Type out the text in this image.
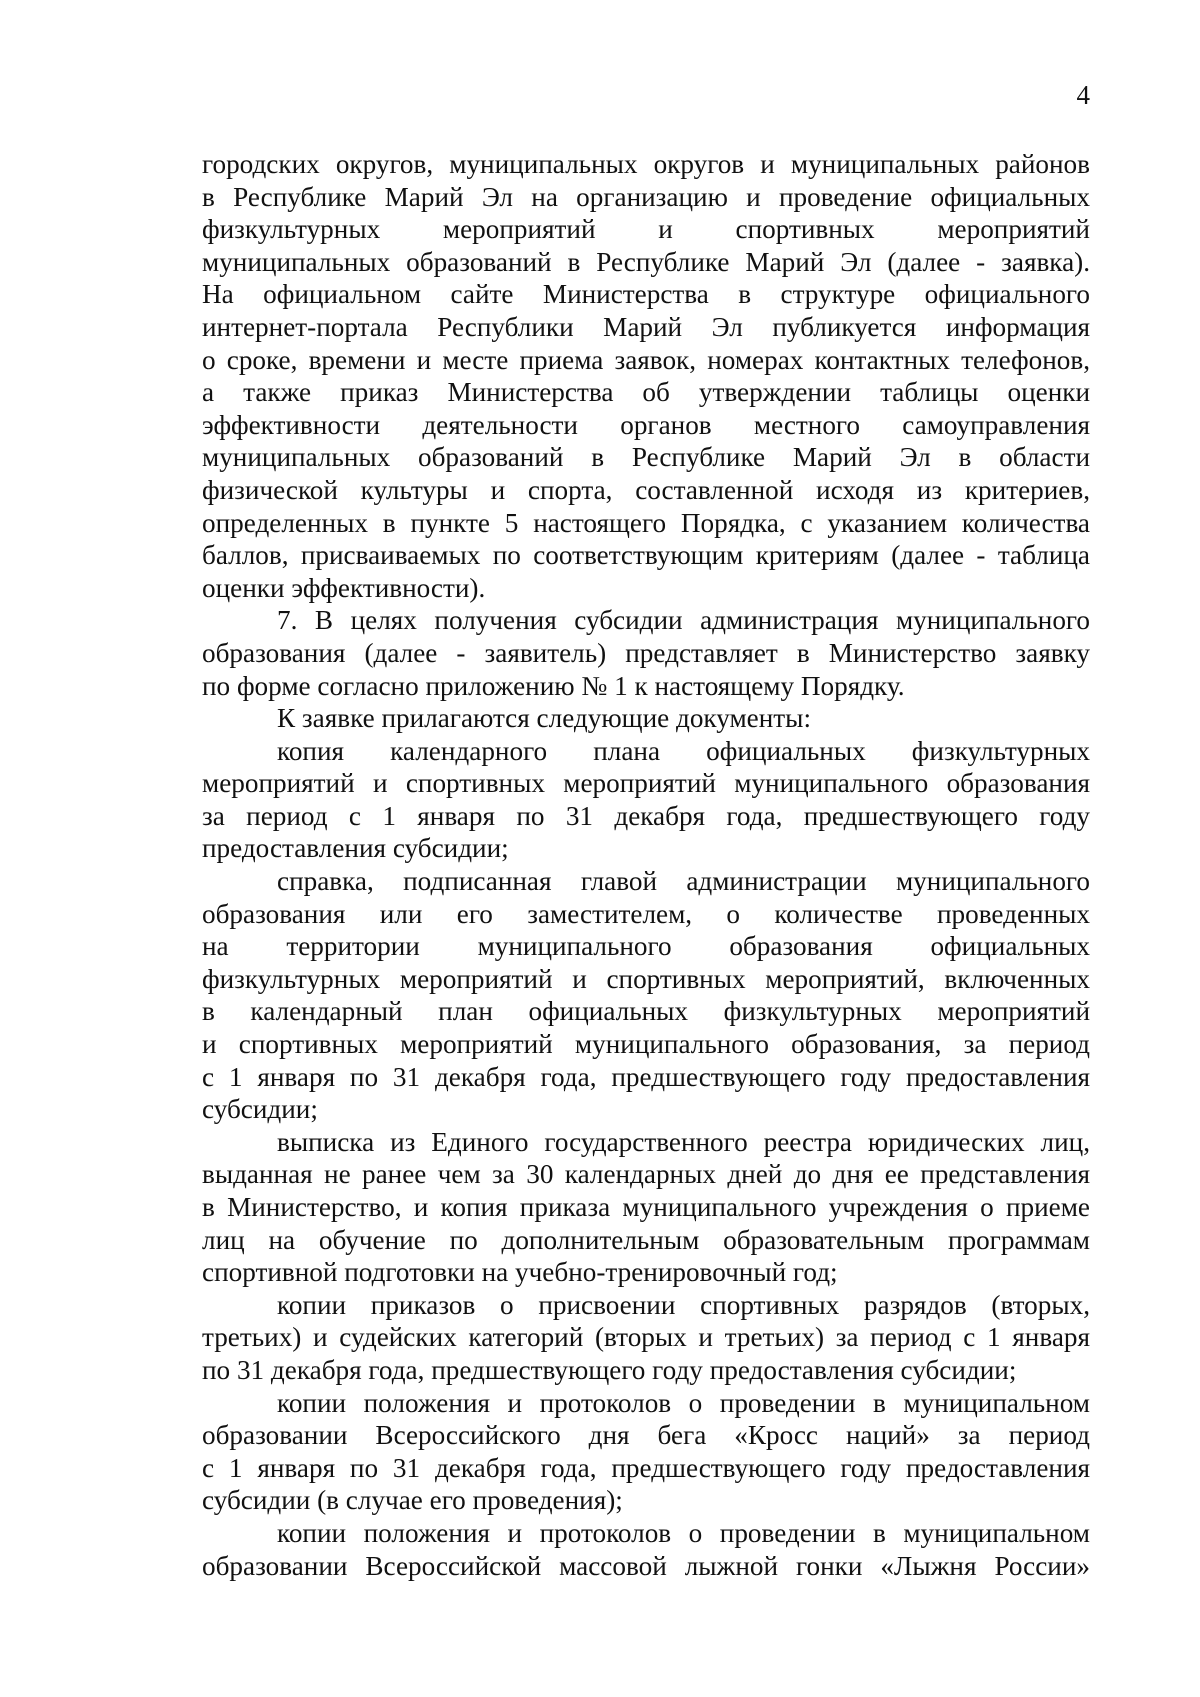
4
городских округов, муниципальных округов и муниципальных районов
в Республике Марий Эл на организацию и проведение официальных
физкультурных мероприятий и спортивных мероприятий
муниципальных образований в Республике Марий Эл (далее - заявка).
На официальном сайте Министерства в структуре официального
интернет-портала Республики Марий Эл публикуется информация
о сроке, времени и месте приема заявок, номерах контактных телефонов,
а также приказ Министерства об утверждении таблицы оценки
эффективности деятельности органов местного самоуправления
муниципальных образований в Республике Марий Эл в области
физической культуры и спорта, составленной исходя из критериев,
определенных в пункте 5 настоящего Порядка, с указанием количества
баллов, присваиваемых по соответствующим критериям (далее - таблица
оценки эффективности).
7. В целях получения субсидии администрация муниципального
образования (далее - заявитель) представляет в Министерство заявку
по форме согласно приложению № 1 к настоящему Порядку.
К заявке прилагаются следующие документы:
копия календарного плана официальных физкультурных
мероприятий и спортивных мероприятий муниципального образования
за период с 1 января по 31 декабря года, предшествующего году
предоставления субсидии;
справка, подписанная главой администрации муниципального
образования или его заместителем, о количестве проведенных
на территории муниципального образования официальных
физкультурных мероприятий и спортивных мероприятий, включенных
в календарный план официальных физкультурных мероприятий
и спортивных мероприятий муниципального образования, за период
с 1 января по 31 декабря года, предшествующего году предоставления
субсидии;
выписка из Единого государственного реестра юридических лиц,
выданная не ранее чем за 30 календарных дней до дня ее представления
в Министерство, и копия приказа муниципального учреждения о приеме
лиц на обучение по дополнительным образовательным программам
спортивной подготовки на учебно-тренировочный год;
копии приказов о присвоении спортивных разрядов (вторых,
третьих) и судейских категорий (вторых и третьих) за период с 1 января
по 31 декабря года, предшествующего году предоставления субсидии;
копии положения и протоколов о проведении в муниципальном
образовании Всероссийского дня бега «Кросс наций» за период
с 1 января по 31 декабря года, предшествующего году предоставления
субсидии (в случае его проведения);
копии положения и протоколов о проведении в муниципальном
образовании Всероссийской массовой лыжной гонки «Лыжня России»
